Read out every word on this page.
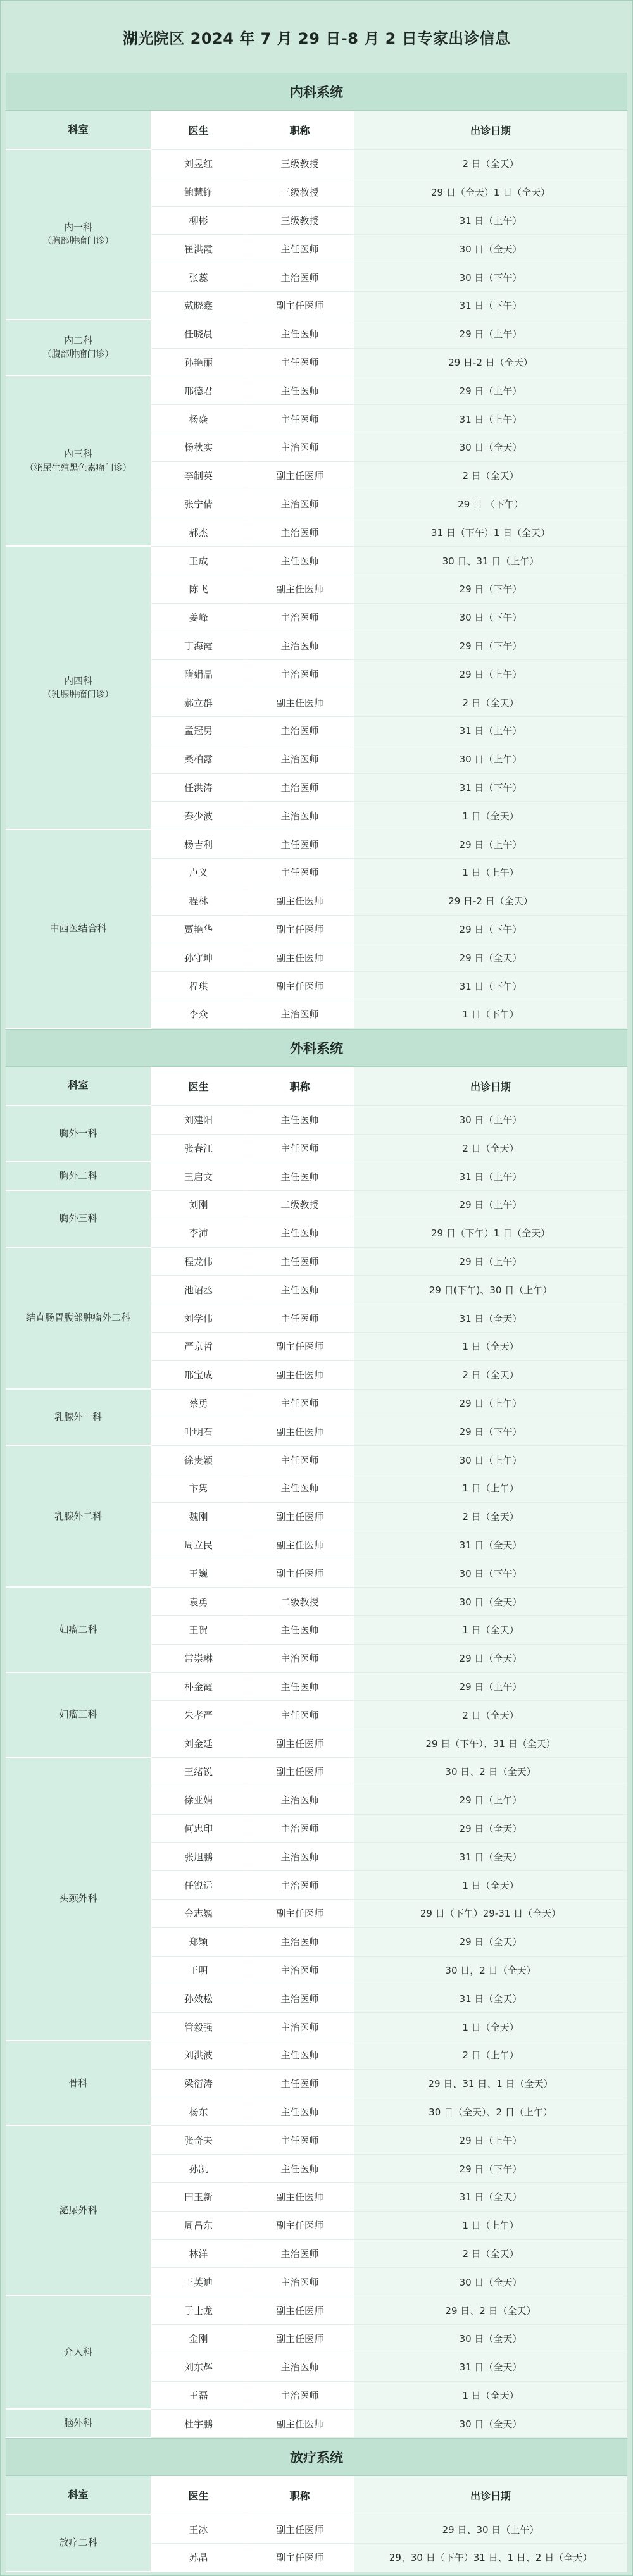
湖光院区 2024 年 7 月 29 日-8 月 2 日专家出诊信息
内科系统
科室	医生	职称	出诊日期
内一科
（胸部肿瘤门诊）
刘昱红	三级教授	2 日（全天）
鲍慧铮	三级教授	29 日（全天）1 日（全天）
柳彬	三级教授	31 日（上午）
崔洪霞	主任医师	30 日（全天）
张蕊	主治医师	30 日（下午）
戴晓鑫	副主任医师	31 日（下午）
内二科
（腹部肿瘤门诊）
任晓晨	主任医师	29 日（上午）
孙艳丽	主任医师	29 日-2 日（全天）
内三科
（泌尿生殖黑色素瘤门诊）
邢德君	主任医师	29 日（上午）
杨焱	主任医师	31 日（上午）
杨秋实	主治医师	30 日（全天）
李制英	副主任医师	2 日（全天）
张宁倩	主治医师	29 日 （下午）
郝杰	主治医师	31 日（下午）1 日（全天）
内四科
（乳腺肿瘤门诊）
王成	主任医师	30 日、31 日（上午）
陈飞	副主任医师	29 日（下午）
姜峰	主治医师	30 日（下午）
丁海霞	主治医师	29 日（下午）
隋娟晶	主治医师	29 日（上午）
郝立群	副主任医师	2 日（全天）
孟冠男	主治医师	31 日（上午）
桑柏露	主治医师	30 日（上午）
任洪涛	主治医师	31 日（下午）
秦少波	主治医师	1 日（全天）
中西医结合科
杨吉利	主任医师	29 日（上午）
卢义	主任医师	1 日（上午）
程林	副主任医师	29 日-2 日（全天）
贾艳华	副主任医师	29 日（下午）
孙守坤	副主任医师	29 日（全天）
程琪	副主任医师	31 日（下午）
李众	主治医师	1 日（下午）
外科系统
科室	医生	职称	出诊日期
胸外一科
刘建阳	主任医师	30 日（上午）
张春江	主任医师	2 日（全天）
胸外二科	王启文	主任医师	31 日（上午）
胸外三科
刘刚	二级教授	29 日（上午）
李沛	主任医师	29 日（下午）1 日（全天）
结直肠胃腹部肿瘤外二科
程龙伟	主任医师	29 日（上午）
池诏丞	主任医师	29 日(下午)、30 日（上午）
刘学伟	主任医师	31 日（全天）
严京哲	副主任医师	1 日（全天）
邢宝成	副主任医师	2 日（全天）
乳腺外一科
蔡勇	主任医师	29 日（上午）
叶明石	副主任医师	29 日（下午）
乳腺外二科
徐贵颖	主任医师	30 日（上午）
卞隽	主任医师	1 日（上午）
魏刚	副主任医师	2 日（全天）
周立民	副主任医师	31 日（全天）
王巍	副主任医师	30 日（下午）
妇瘤二科
袁勇	二级教授	30 日（全天）
王贺	主任医师	1 日（全天）
常崇琳	主治医师	29 日（全天）
妇瘤三科
朴金霞	主任医师	29 日（上午）
朱孝严	主任医师	2 日（全天）
刘金廷	副主任医师	29 日（下午）、31 日（全天）
头颈外科
王绪锐	副主任医师	30 日、2 日（全天）
徐亚娟	主治医师	29 日（上午）
何忠印	主治医师	29 日（全天）
张旭鹏	主治医师	31 日（全天）
任锐远	主治医师	1 日（全天）
金志巍	副主任医师	29 日（下午）29-31 日（全天）
郑颖	主治医师	29 日（全天）
王明	主治医师	30 日，2 日（全天）
孙效松	主治医师	31 日（全天）
管毅强	主治医师	1 日（全天）
骨科
刘洪波	主任医师	2 日（上午）
梁衍涛	主任医师	29 日、31 日、1 日（全天）
杨东	主任医师	30 日（全天）、2 日（上午）
泌尿外科
张奇夫	主任医师	29 日（上午）
孙凯	主任医师	29 日（下午）
田玉新	副主任医师	31 日（全天）
周昌东	副主任医师	1 日（上午）
林洋	主治医师	2 日（全天）
王英迪	主治医师	30 日（全天）
介入科
于士龙	副主任医师	29 日、2 日（全天）
金刚	副主任医师	30 日（全天）
刘东辉	主治医师	31 日（全天）
王磊	主治医师	1 日（全天）
脑外科	杜宇鹏	副主任医师	30 日（全天）
放疗系统
科室	医生	职称	出诊日期
放疗二科
王冰	副主任医师	29 日、30 日（上午）
苏晶	副主任医师	29、30 日（下午）31 日、1 日、2 日（全天）
